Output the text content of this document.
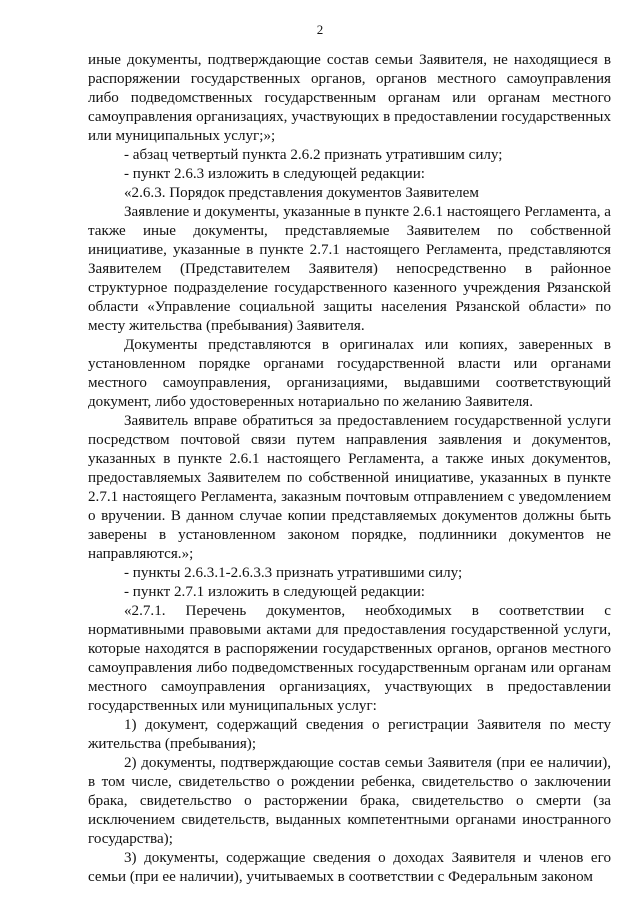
2

иные документы, подтверждающие состав семьи Заявителя, не находящиеся в распоряжении государственных органов, органов местного самоуправления либо подведомственных государственным органам или органам местного самоуправления организациях, участвующих в предоставлении государственных или муниципальных услуг;»;

- абзац четвертый пункта 2.6.2 признать утратившим силу;

- пункт 2.6.3 изложить в следующей редакции:

«2.6.3. Порядок представления документов Заявителем

Заявление и документы, указанные в пункте 2.6.1 настоящего Регламента, а также иные документы, представляемые Заявителем по собственной инициативе, указанные в пункте 2.7.1 настоящего Регламента, представляются Заявителем (Представителем Заявителя) непосредственно в районное структурное подразделение государственного казенного учреждения Рязанской области «Управление социальной защиты населения Рязанской области» по месту жительства (пребывания) Заявителя.

Документы представляются в оригиналах или копиях, заверенных в установленном порядке органами государственной власти или органами местного самоуправления, организациями, выдавшими соответствующий документ, либо удостоверенных нотариально по желанию Заявителя.

Заявитель вправе обратиться за предоставлением государственной услуги посредством почтовой связи путем направления заявления и документов, указанных в пункте 2.6.1 настоящего Регламента, а также иных документов, предоставляемых Заявителем по собственной инициативе, указанных в пункте 2.7.1 настоящего Регламента, заказным почтовым отправлением с уведомлением о вручении. В данном случае копии представляемых документов должны быть заверены в установленном законом порядке, подлинники документов не направляются.»;

- пункты 2.6.3.1-2.6.3.3 признать утратившими силу;

- пункт 2.7.1 изложить в следующей редакции:

«2.7.1. Перечень документов, необходимых в соответствии с нормативными правовыми актами для предоставления государственной услуги, которые находятся в распоряжении государственных органов, органов местного самоуправления либо подведомственных государственным органам или органам местного самоуправления организациях, участвующих в предоставлении государственных или муниципальных услуг:

1) документ, содержащий сведения о регистрации Заявителя по месту жительства (пребывания);

2) документы, подтверждающие состав семьи Заявителя (при ее наличии), в том числе, свидетельство о рождении ребенка, свидетельство о заключении брака, свидетельство о расторжении брака, свидетельство о смерти (за исключением свидетельств, выданных компетентными органами иностранного государства);

3) документы, содержащие сведения о доходах Заявителя и членов его семьи (при ее наличии), учитываемых в соответствии с Федеральным законом
